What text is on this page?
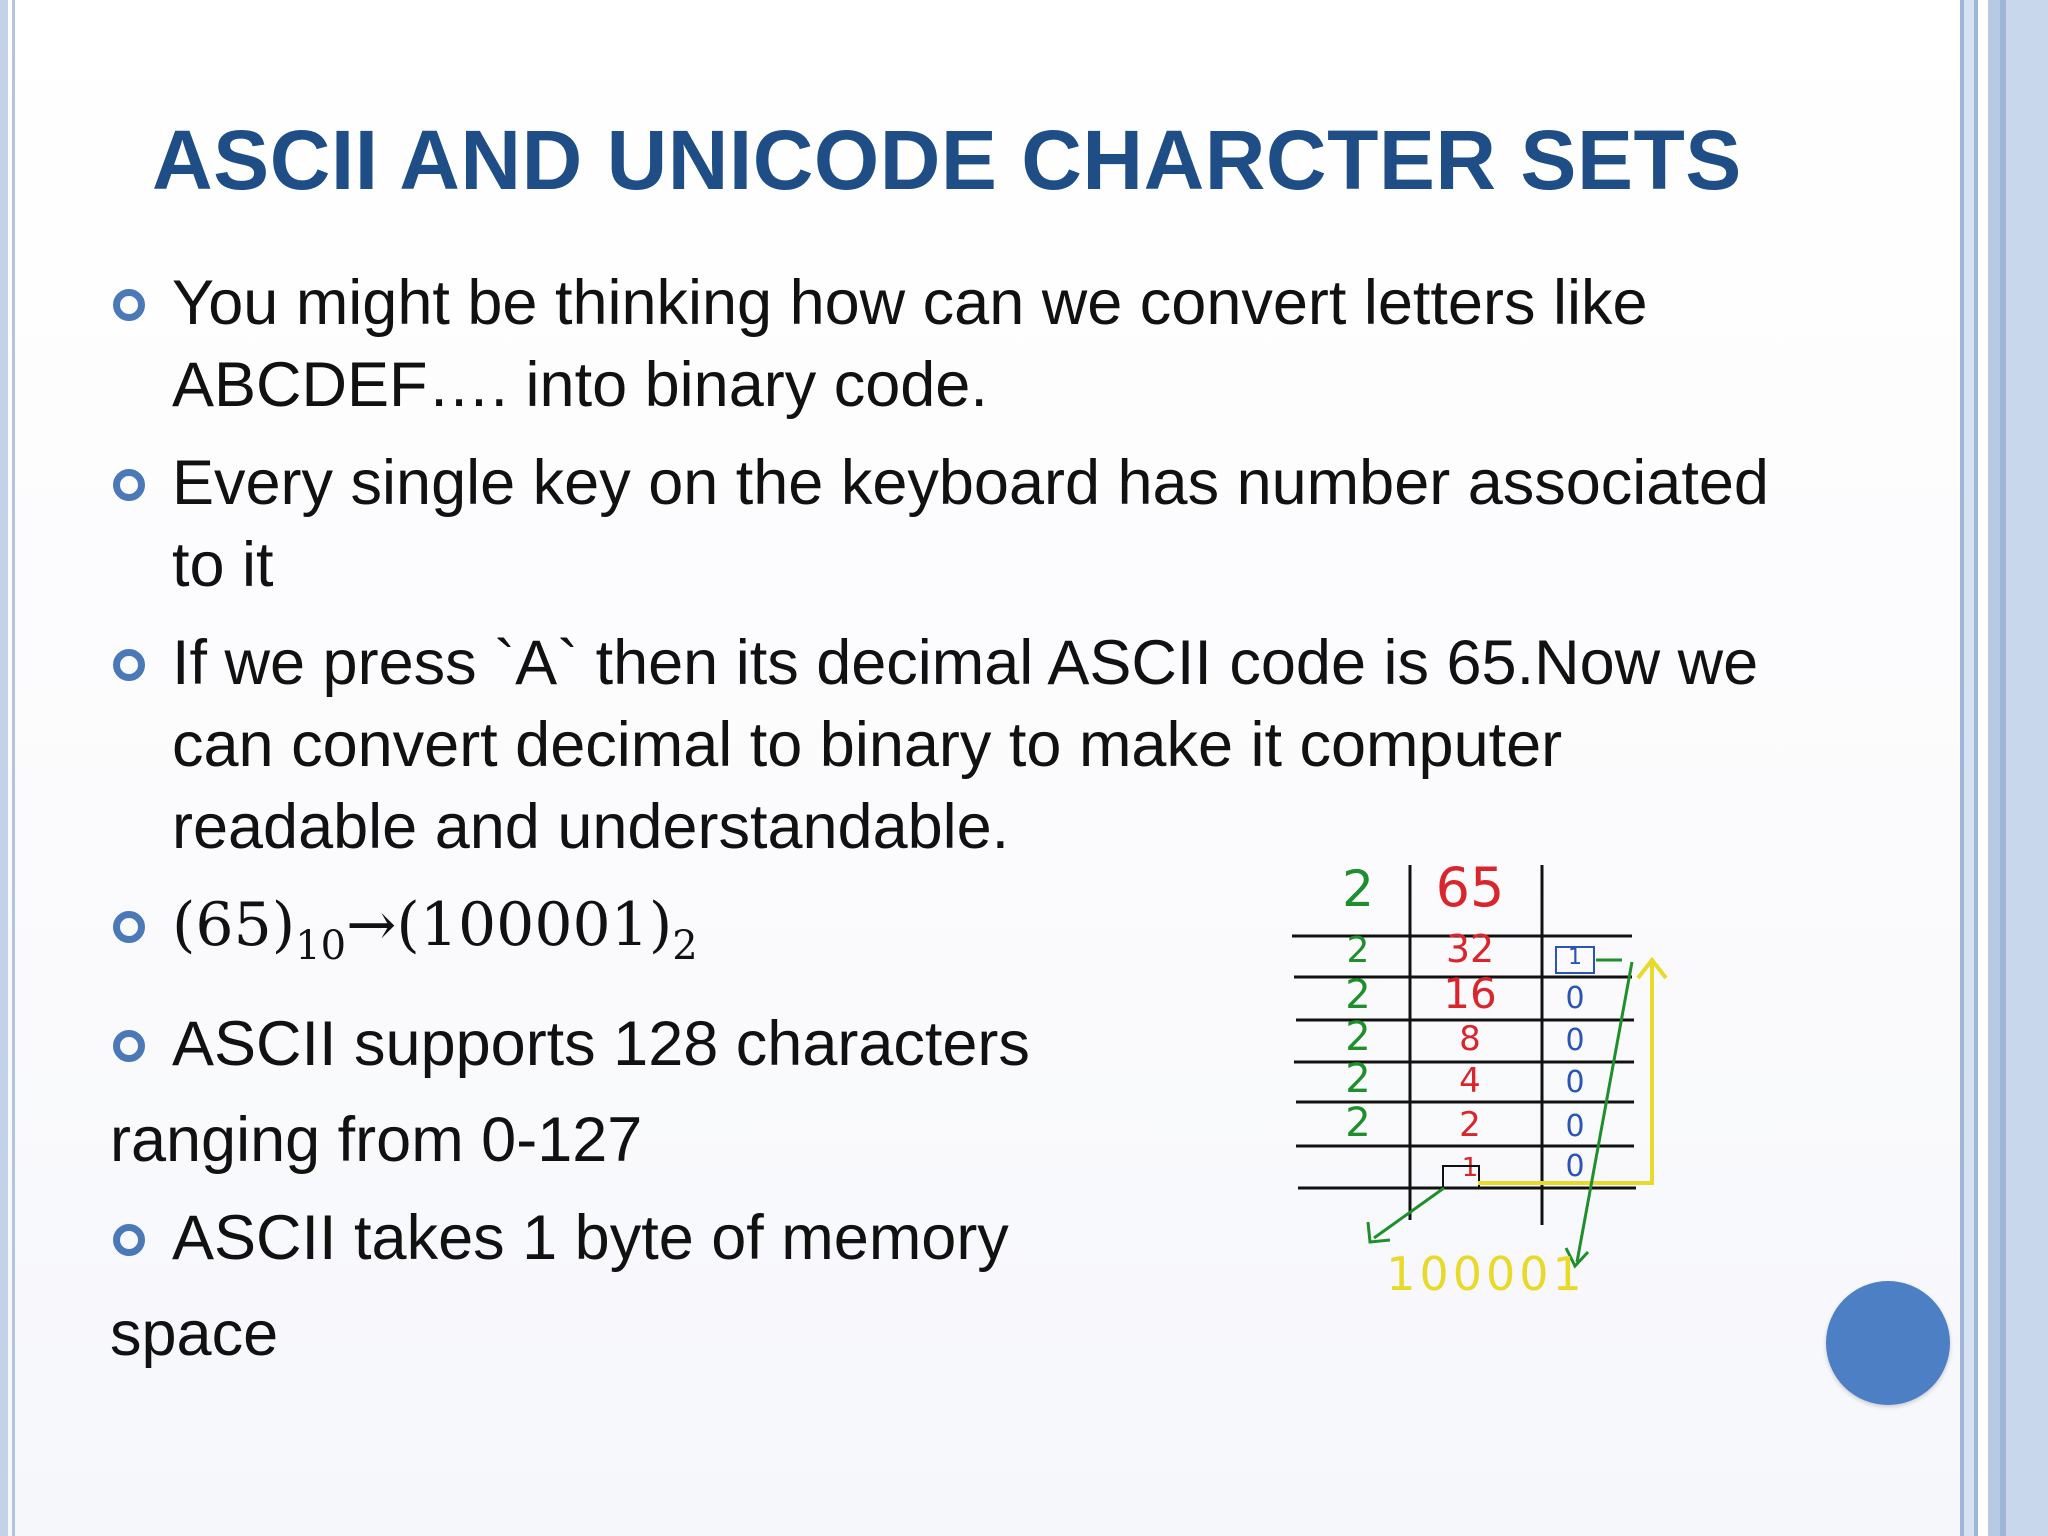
ASCII AND UNICODE CHARCTER SETS
You might be thinking how can we convert letters like
ABCDEF…. into binary code.
Every single key on the keyboard has number associated
to it
If we press `A` then its decimal ASCII code is 65.Now we
can convert decimal to binary to make it computer
readable and understandable.
$(65)_{10}\to(100001)_2$
ASCII supports 128 characters
ranging from 0-127
ASCII takes 1 byte of memory
space
2
2
2
2
2
2
65
32
16
8
4
2
1
1
0
0
0
0
0
100001
